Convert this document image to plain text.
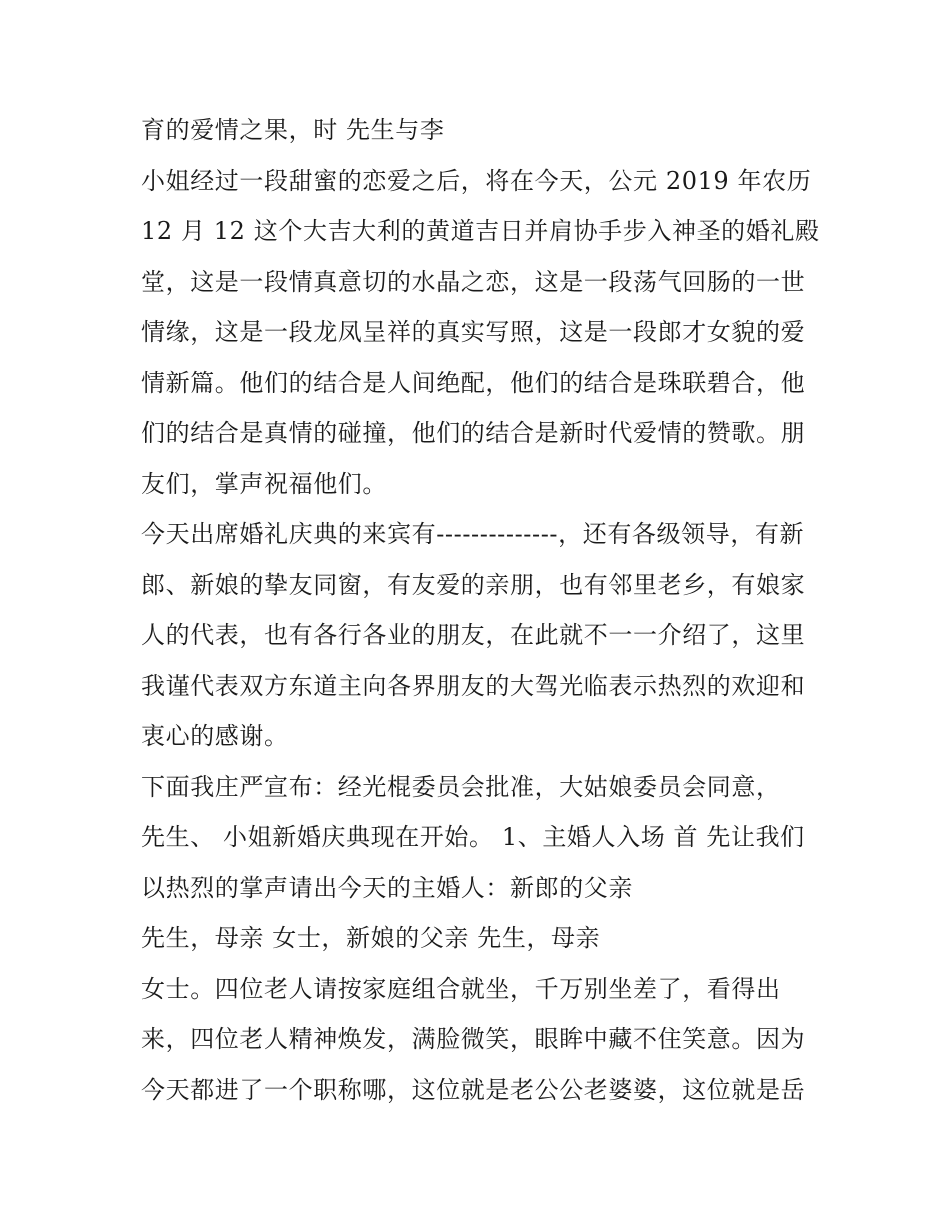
育的爱情之果，时 先生与李
小姐经过一段甜蜜的恋爱之后，将在今天，公元 2019 年农历
12 月 12 这个大吉大利的黄道吉日并肩协手步入神圣的婚礼殿
堂，这是一段情真意切的水晶之恋，这是一段荡气回肠的一世
情缘，这是一段龙凤呈祥的真实写照，这是一段郎才女貌的爱
情新篇。他们的结合是人间绝配，他们的结合是珠联碧合，他
们的结合是真情的碰撞，他们的结合是新时代爱情的赞歌。朋
友们，掌声祝福他们。
今天出席婚礼庆典的来宾有--------------，还有各级领导，有新
郎、新娘的挚友同窗，有友爱的亲朋，也有邻里老乡，有娘家
人的代表，也有各行各业的朋友，在此就不一一介绍了，这里
我谨代表双方东道主向各界朋友的大驾光临表示热烈的欢迎和
衷心的感谢。
下面我庄严宣布：经光棍委员会批准，大姑娘委员会同意，
先生、 小姐新婚庆典现在开始。 1、主婚人入场 首 先让我们
以热烈的掌声请出今天的主婚人：新郎的父亲
先生，母亲 女士，新娘的父亲 先生，母亲
女士。四位老人请按家庭组合就坐，千万别坐差了，看得出
来，四位老人精神焕发，满脸微笑，眼眸中藏不住笑意。因为
今天都进了一个职称哪，这位就是老公公老婆婆，这位就是岳
